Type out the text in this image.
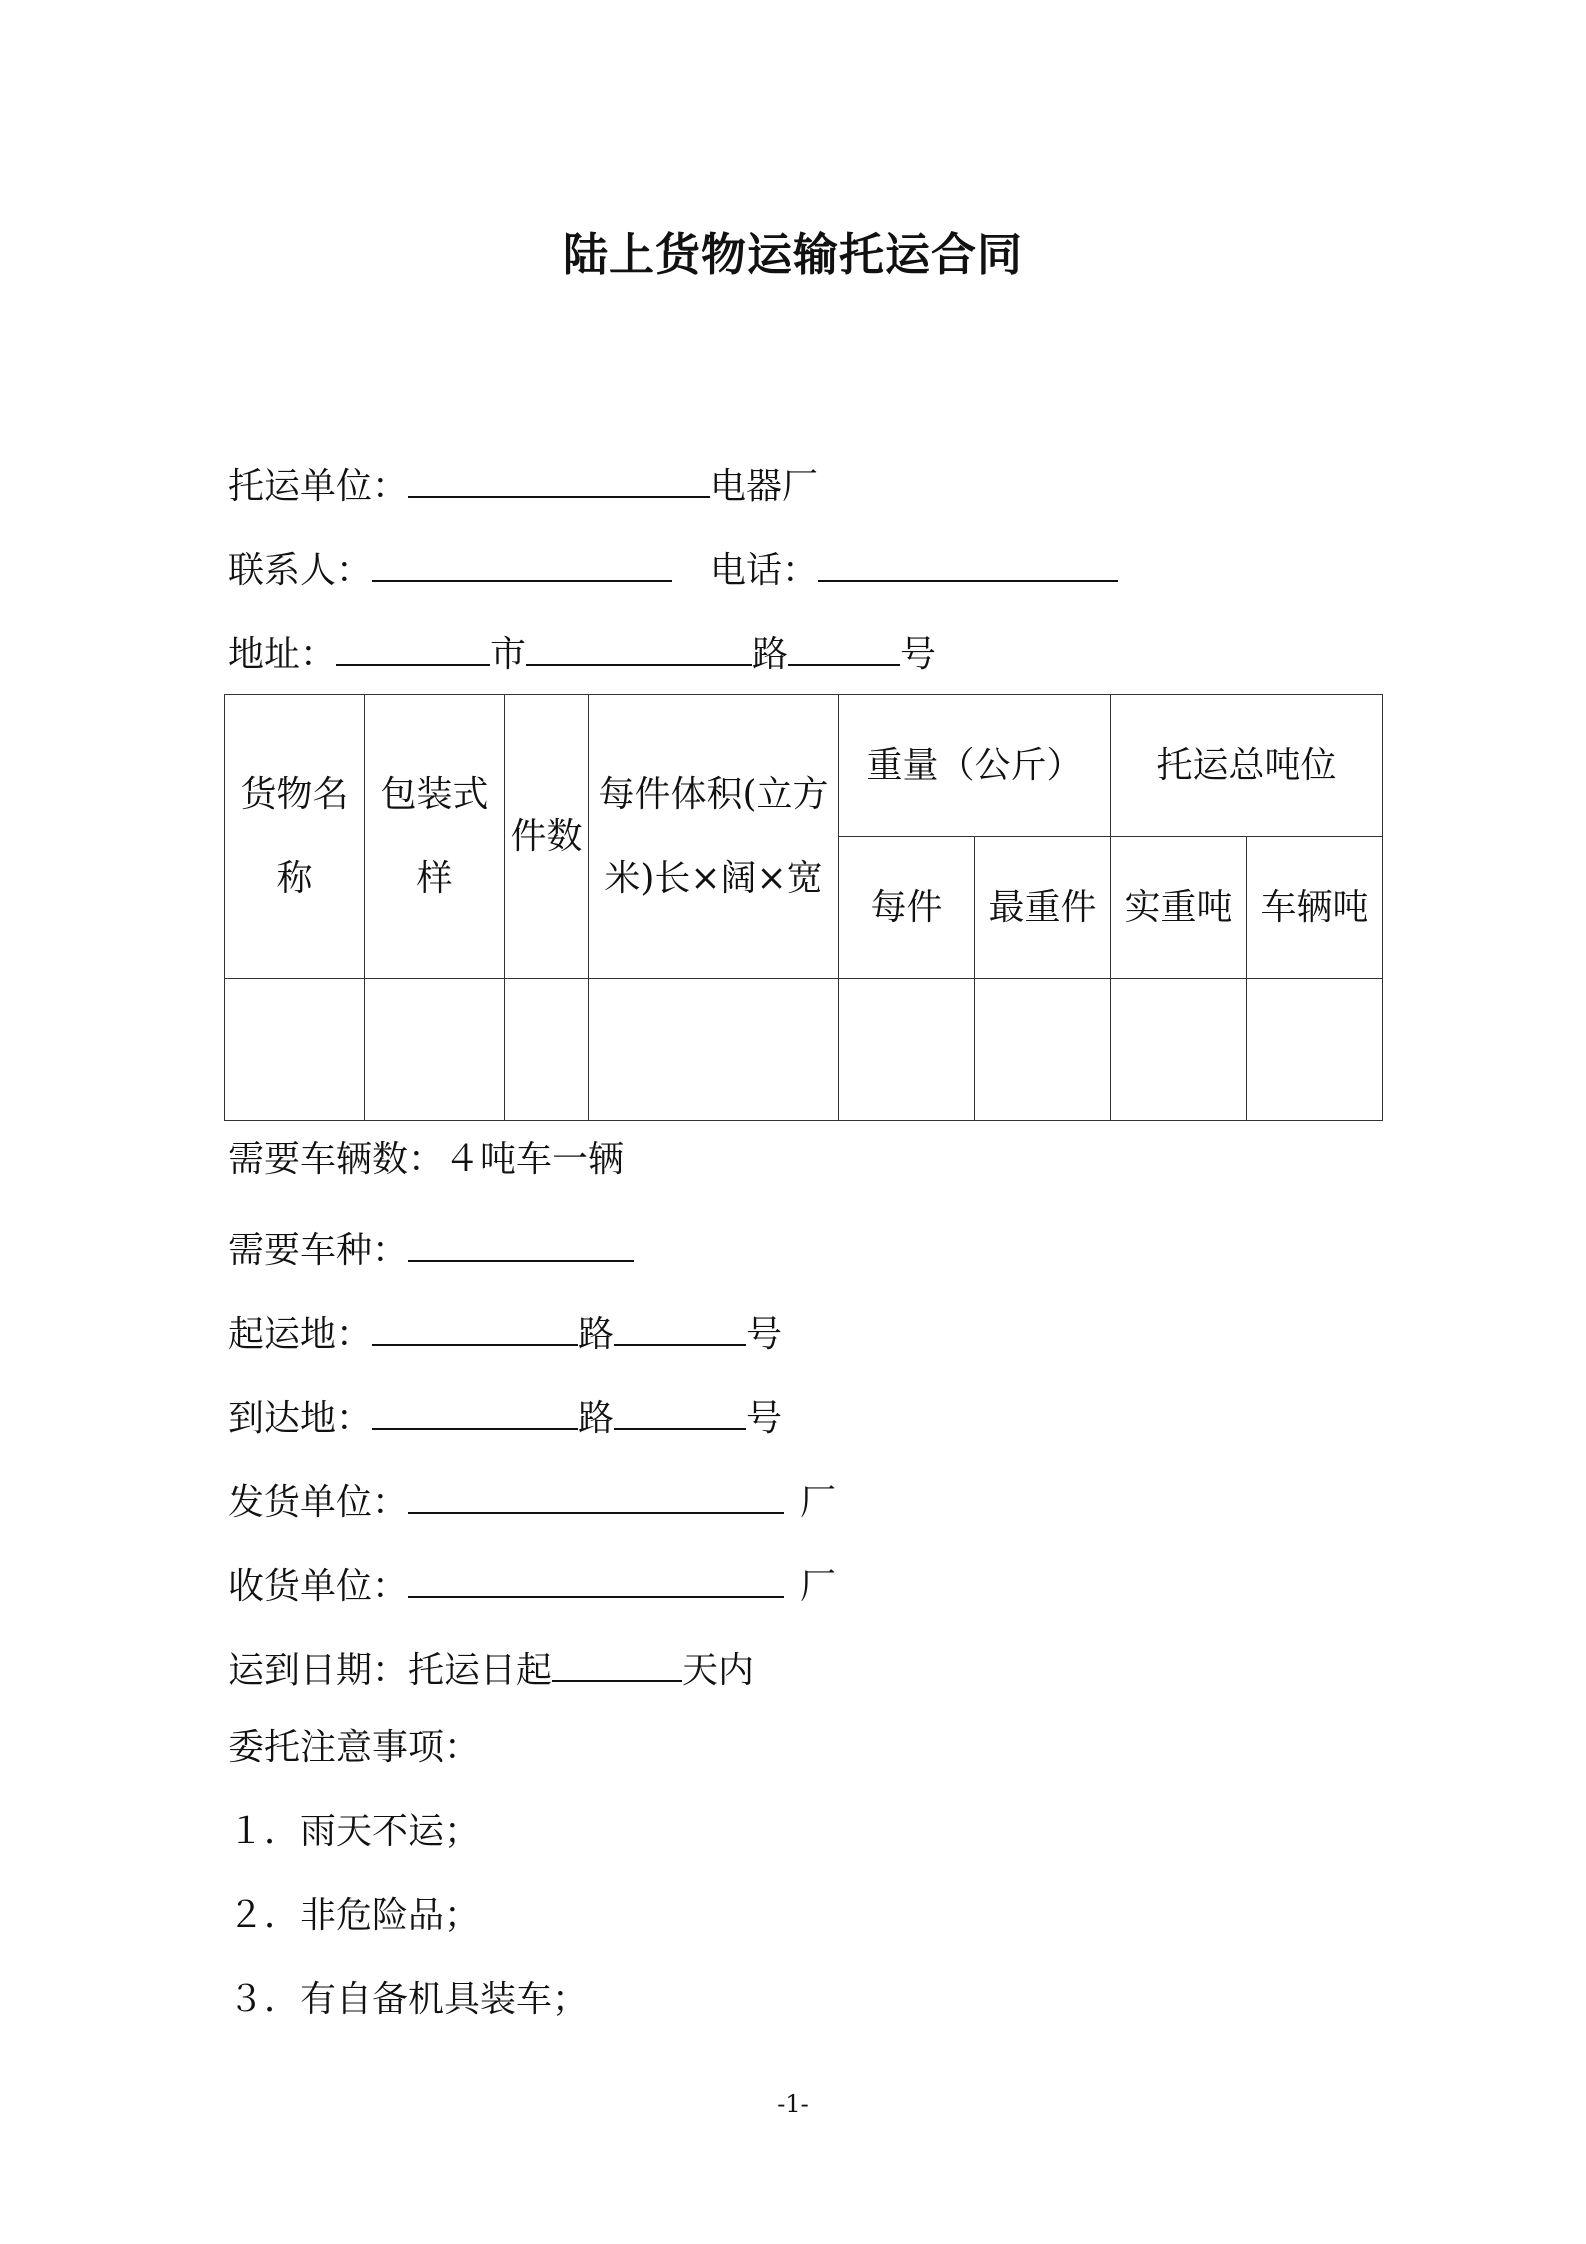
陆上货物运输托运合同
托运单位：	电器厂
联系人：	电话：
地址：	市	路	号
货物名称	包装式样	件数	每件体积(立方米)长×阔×宽	重量（公斤）		托运总吨位	
				每件	最重件	实重吨	车辆吨

需要车辆数：４吨车一辆
需要车种：
起运地：	路	号
到达地：	路	号
发货单位：	厂
收货单位：	厂
运到日期：托运日起	天内
委托注意事项：
１．雨天不运；
２．非危险品；
３．有自备机具装车；
-1-
